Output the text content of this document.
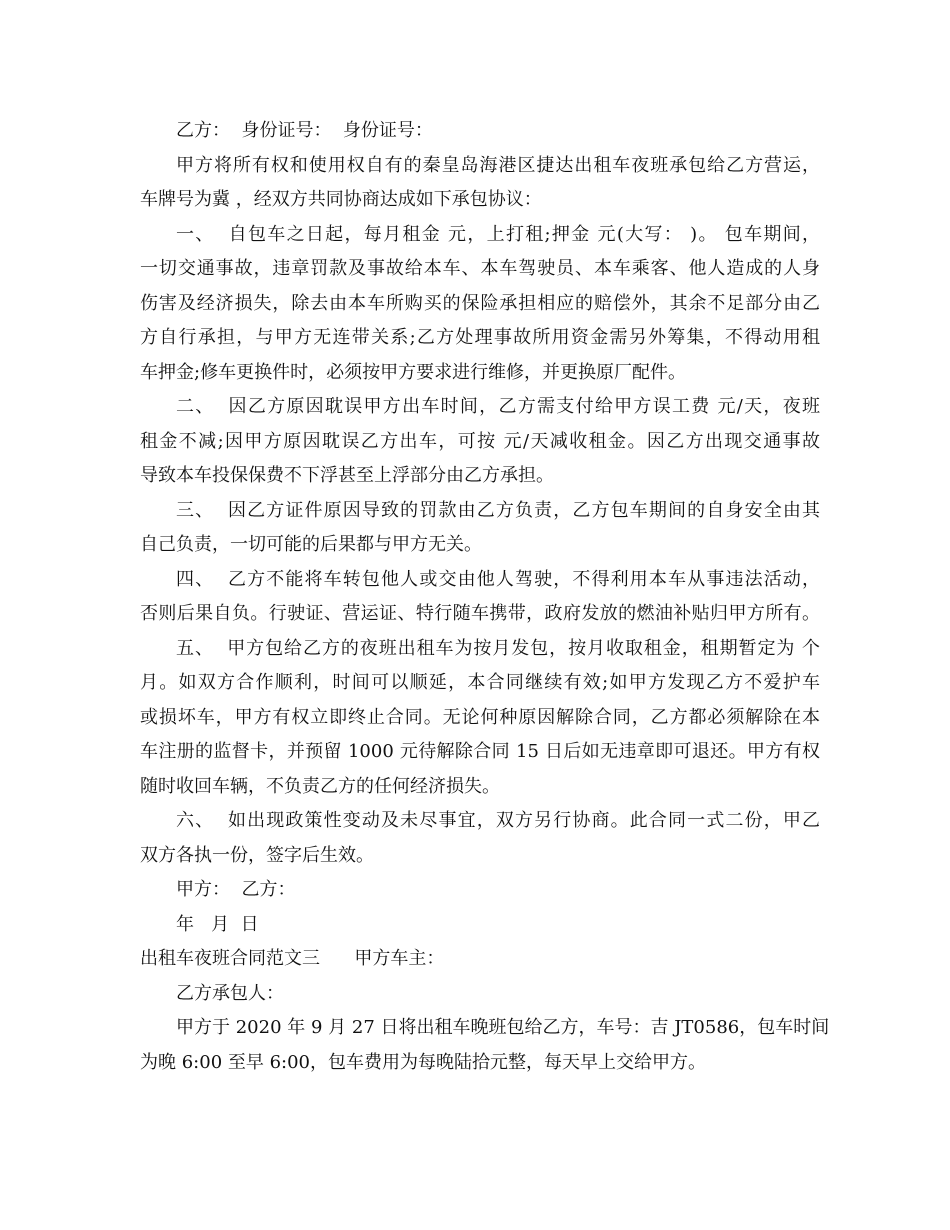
乙方：  身份证号：  身份证号：
甲方将所有权和使用权自有的秦皇岛海港区捷达出租车夜班承包给乙方营运，
车牌号为冀 ，经双方共同协商达成如下承包协议：
一、  自包车之日起，每月租金 元，上打租;押金 元(大写： )。 包车期间，
一切交通事故，违章罚款及事故给本车、本车驾驶员、本车乘客、他人造成的人身
伤害及经济损失，除去由本车所购买的保险承担相应的赔偿外，其余不足部分由乙
方自行承担，与甲方无连带关系;乙方处理事故所用资金需另外筹集，不得动用租
车押金;修车更换件时，必须按甲方要求进行维修，并更换原厂配件。
二、  因乙方原因耽误甲方出车时间，乙方需支付给甲方误工费 元/天，夜班
租金不减;因甲方原因耽误乙方出车，可按 元/天减收租金。因乙方出现交通事故
导致本车投保保费不下浮甚至上浮部分由乙方承担。
三、  因乙方证件原因导致的罚款由乙方负责，乙方包车期间的自身安全由其
自己负责，一切可能的后果都与甲方无关。
四、  乙方不能将车转包他人或交由他人驾驶，不得利用本车从事违法活动，
否则后果自负。行驶证、营运证、特行随车携带，政府发放的燃油补贴归甲方所有。
五、  甲方包给乙方的夜班出租车为按月发包，按月收取租金，租期暂定为 个
月。如双方合作顺利，时间可以顺延，本合同继续有效;如甲方发现乙方不爱护车
或损坏车，甲方有权立即终止合同。无论何种原因解除合同，乙方都必须解除在本
车注册的监督卡，并预留 1000 元待解除合同 15 日后如无违章即可退还。甲方有权
随时收回车辆，不负责乙方的任何经济损失。
六、  如出现政策性变动及未尽事宜，双方另行协商。此合同一式二份，甲乙
双方各执一份，签字后生效。
甲方：  乙方：
年   月  日
出租车夜班合同范文三      甲方车主：
乙方承包人：
甲方于 2020 年 9 月 27 日将出租车晚班包给乙方，车号：吉 JT0586，包车时间
为晚 6:00 至早 6:00，包车费用为每晚陆拾元整，每天早上交给甲方。
